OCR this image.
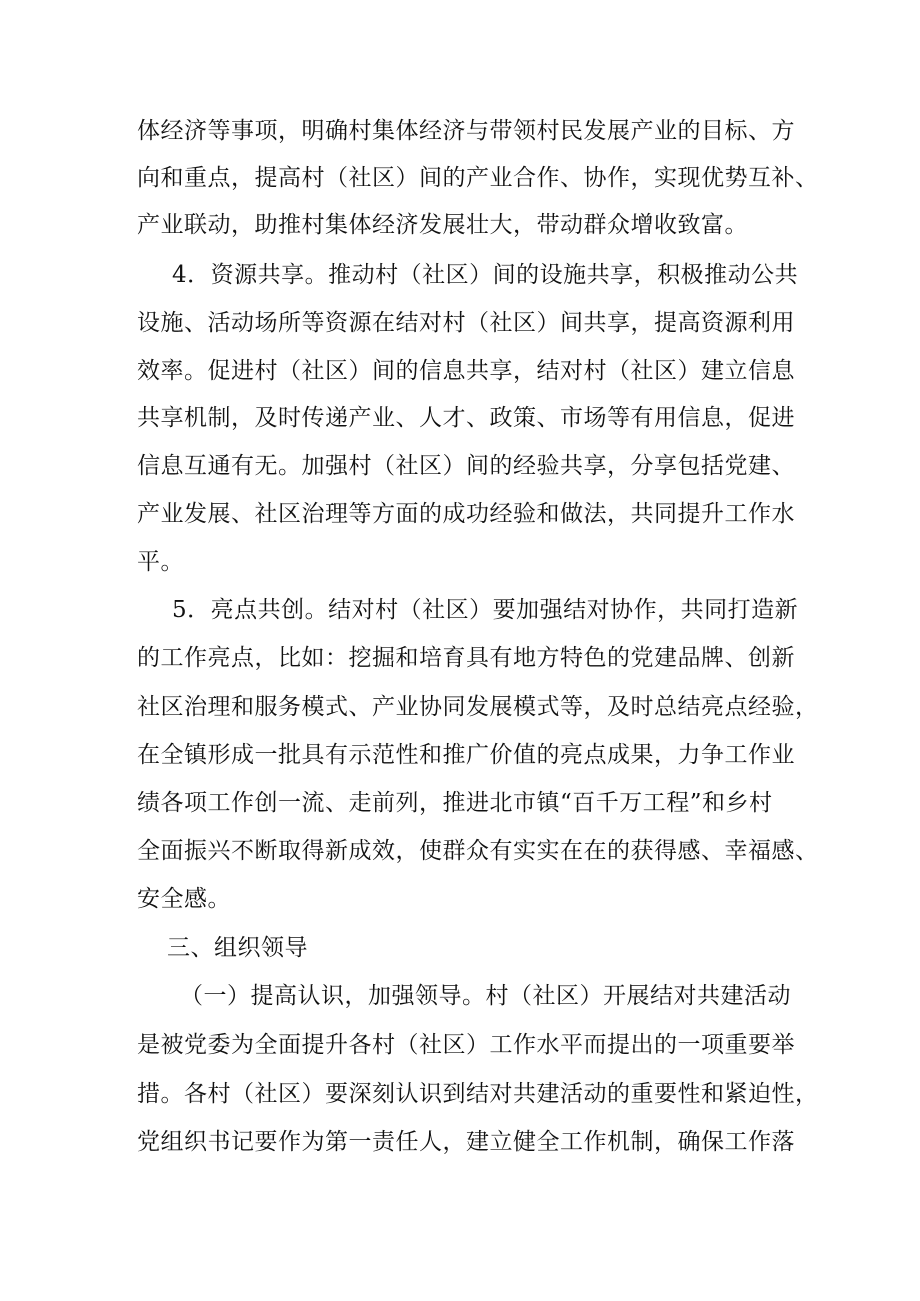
体经济等事项，明确村集体经济与带领村民发展产业的目标、方
向和重点，提高村（社区）间的产业合作、协作，实现优势互补、
产业联动，助推村集体经济发展壮大，带动群众增收致富。
4．资源共享。推动村（社区）间的设施共享，积极推动公共
设施、活动场所等资源在结对村（社区）间共享，提高资源利用
效率。促进村（社区）间的信息共享，结对村（社区）建立信息
共享机制，及时传递产业、人才、政策、市场等有用信息，促进
信息互通有无。加强村（社区）间的经验共享，分享包括党建、
产业发展、社区治理等方面的成功经验和做法，共同提升工作水
平。
5．亮点共创。结对村（社区）要加强结对协作，共同打造新
的工作亮点，比如：挖掘和培育具有地方特色的党建品牌、创新
社区治理和服务模式、产业协同发展模式等，及时总结亮点经验，
在全镇形成一批具有示范性和推广价值的亮点成果，力争工作业
绩各项工作创一流、走前列，推进北市镇“百千万工程”和乡村
全面振兴不断取得新成效，使群众有实实在在的获得感、幸福感、
安全感。
三、组织领导
（一）提高认识，加强领导。村（社区）开展结对共建活动
是被党委为全面提升各村（社区）工作水平而提出的一项重要举
措。各村（社区）要深刻认识到结对共建活动的重要性和紧迫性，
党组织书记要作为第一责任人，建立健全工作机制，确保工作落
